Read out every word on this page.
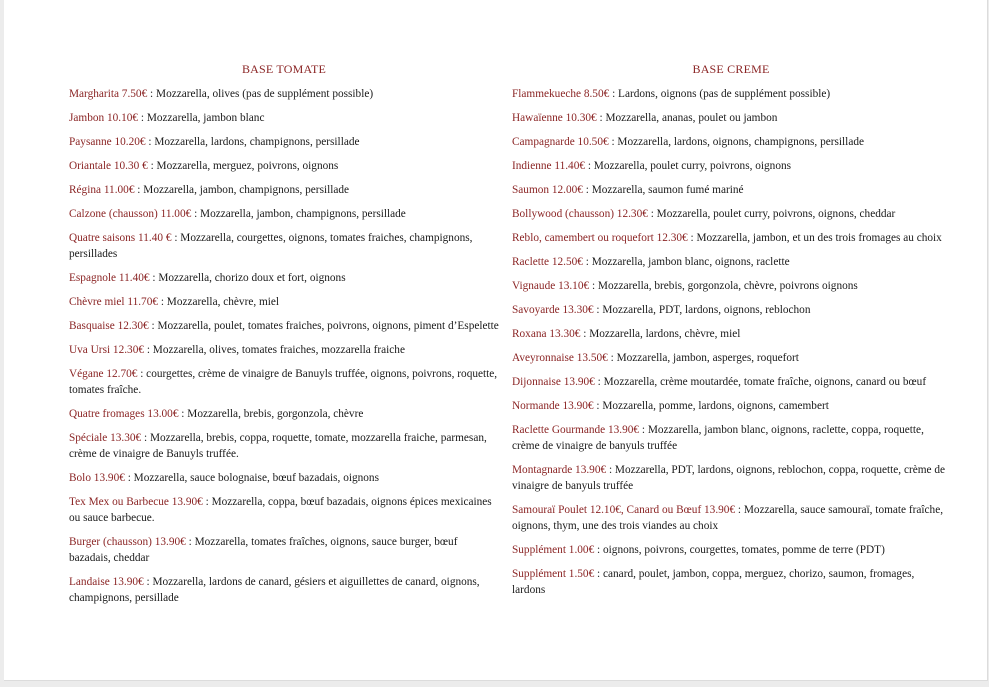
BASE TOMATE
Margharita 7.50€ : Mozzarella, olives (pas de supplément possible)
Jambon 10.10€ : Mozzarella, jambon blanc
Paysanne 10.20€ : Mozzarella, lardons, champignons, persillade
Oriantale 10.30 € : Mozzarella, merguez, poivrons, oignons
Régina 11.00€ : Mozzarella, jambon, champignons, persillade
Calzone (chausson) 11.00€ : Mozzarella, jambon, champignons, persillade
Quatre saisons 11.40 € : Mozzarella, courgettes, oignons, tomates fraiches, champignons, persillades
Espagnole 11.40€ : Mozzarella, chorizo doux et fort, oignons
Chèvre miel 11.70€ : Mozzarella, chèvre, miel
Basquaise 12.30€ : Mozzarella, poulet, tomates fraiches, poivrons, oignons, piment d’Espelette
Uva Ursi 12.30€ : Mozzarella, olives, tomates fraiches, mozzarella fraiche
Végane 12.70€ : courgettes, crème de vinaigre de Banuyls truffée, oignons, poivrons, roquette, tomates fraîche.
Quatre fromages 13.00€ : Mozzarella, brebis, gorgonzola, chèvre
Spéciale 13.30€ : Mozzarella, brebis, coppa, roquette, tomate, mozzarella fraiche, parmesan, crème de vinaigre de Banuyls truffée.
Bolo 13.90€ : Mozzarella, sauce bolognaise, bœuf bazadais, oignons
Tex Mex ou Barbecue 13.90€ : Mozzarella, coppa, bœuf bazadais, oignons épices mexicaines ou sauce barbecue.
Burger (chausson) 13.90€ : Mozzarella, tomates fraîches, oignons, sauce burger, bœuf bazadais, cheddar
Landaise 13.90€ : Mozzarella, lardons de canard, gésiers et aiguillettes de canard, oignons, champignons, persillade
BASE CREME
Flammekueche 8.50€ : Lardons, oignons (pas de supplément possible)
Hawaïenne 10.30€ : Mozzarella, ananas, poulet ou jambon
Campagnarde 10.50€ : Mozzarella, lardons, oignons, champignons, persillade
Indienne 11.40€ : Mozzarella, poulet curry, poivrons, oignons
Saumon 12.00€ : Mozzarella, saumon fumé mariné
Bollywood (chausson) 12.30€ : Mozzarella, poulet curry, poivrons, oignons, cheddar
Reblo, camembert ou roquefort 12.30€ : Mozzarella, jambon, et un des trois fromages au choix
Raclette 12.50€ : Mozzarella, jambon blanc, oignons, raclette
Vignaude 13.10€ : Mozzarella, brebis, gorgonzola, chèvre, poivrons oignons
Savoyarde 13.30€ : Mozzarella, PDT, lardons, oignons, reblochon
Roxana 13.30€ : Mozzarella, lardons, chèvre, miel
Aveyronnaise 13.50€ : Mozzarella, jambon, asperges, roquefort
Dijonnaise 13.90€ : Mozzarella, crème moutardée, tomate fraîche, oignons, canard ou bœuf
Normande 13.90€ : Mozzarella, pomme, lardons, oignons, camembert
Raclette Gourmande 13.90€ : Mozzarella, jambon blanc, oignons, raclette, coppa, roquette, crème de vinaigre de banyuls truffée
Montagnarde 13.90€ : Mozzarella, PDT, lardons, oignons, reblochon, coppa, roquette, crème de vinaigre de banyuls truffée
Samouraï Poulet 12.10€, Canard ou Bœuf 13.90€ : Mozzarella, sauce samouraï, tomate fraîche, oignons, thym, une des trois viandes au choix
Supplément 1.00€ : oignons, poivrons, courgettes, tomates, pomme de terre (PDT)
Supplément 1.50€ : canard, poulet, jambon, coppa, merguez, chorizo, saumon, fromages, lardons
